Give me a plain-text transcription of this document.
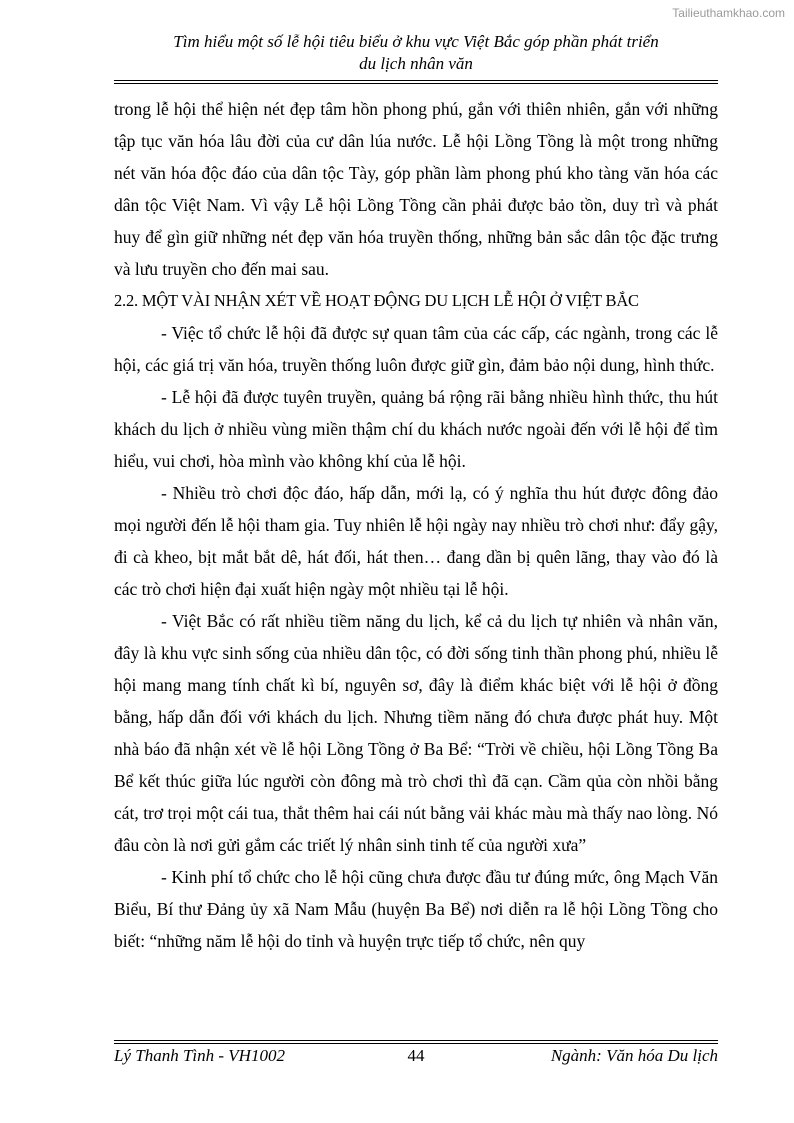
Tailieuthamkhao.com
Tìm hiểu một số lễ hội tiêu biểu ở khu vực Việt Bắc góp phần phát triển
du lịch nhân văn

trong lễ hội thể hiện nét đẹp tâm hồn phong phú, gắn với thiên nhiên, gắn với những tập tục văn hóa lâu đời của cư dân lúa nước. Lễ hội Lồng Tồng là một trong những nét văn hóa độc đáo của dân tộc Tày, góp phần làm phong phú kho tàng văn hóa các dân tộc Việt Nam. Vì vậy Lễ hội Lồng Tồng cần phải được bảo tồn, duy trì và phát huy để gìn giữ những nét đẹp văn hóa truyền thống, những bản sắc dân tộc đặc trưng và lưu truyền cho đến mai sau.

2.2. MỘT VÀI NHẬN XÉT VỀ HOẠT ĐỘNG DU LỊCH LỄ HỘI Ở VIỆT BẮC

- Việc tổ chức lễ hội đã được sự quan tâm của các cấp, các ngành, trong các lễ hội, các giá trị văn hóa, truyền thống luôn được giữ gìn, đảm bảo nội dung, hình thức.

- Lễ hội đã được tuyên truyền, quảng bá rộng rãi bằng nhiều hình thức, thu hút khách du lịch ở nhiều vùng miền thậm chí du khách nước ngoài đến với lễ hội để tìm hiểu, vui chơi, hòa mình vào không khí của lễ hội.

- Nhiều trò chơi độc đáo, hấp dẫn, mới lạ, có ý nghĩa thu hút được đông đảo mọi người đến lễ hội tham gia. Tuy nhiên lễ hội ngày nay nhiều trò chơi như: đẩy gậy, đi cà kheo, bịt mắt bắt dê, hát đối, hát then… đang dần bị quên lãng, thay vào đó là các trò chơi hiện đại xuất hiện ngày một nhiều tại lễ hội.

- Việt Bắc có rất nhiều tiềm năng du lịch, kể cả du lịch tự nhiên và nhân văn, đây là khu vực sinh sống của nhiều dân tộc, có đời sống tinh thần phong phú, nhiều lễ hội mang mang tính chất kì bí, nguyên sơ, đây là điểm khác biệt với lễ hội ở đồng bằng, hấp dẫn đối với khách du lịch. Nhưng tiềm năng đó chưa được phát huy. Một nhà báo đã nhận xét về lễ hội Lồng Tồng ở Ba Bể: “Trời về chiều, hội Lồng Tồng Ba Bể kết thúc giữa lúc người còn đông mà trò chơi thì đã cạn. Cầm qủa còn nhồi bằng cát, trơ trọi một cái tua, thắt thêm hai cái nút bằng vải khác màu mà thấy nao lòng. Nó đâu còn là nơi gửi gắm các triết lý nhân sinh tinh tế của người xưa”

- Kinh phí tổ chức cho lễ hội cũng chưa được đầu tư đúng mức, ông Mạch Văn Biểu, Bí thư Đảng ủy xã Nam Mẫu (huyện Ba Bể) nơi diễn ra lễ hội Lồng Tồng cho biết: “những năm lễ hội do tỉnh và huyện trực tiếp tổ chức, nên quy

Lý Thanh Tình - VH1002	44	Ngành: Văn hóa Du lịch
